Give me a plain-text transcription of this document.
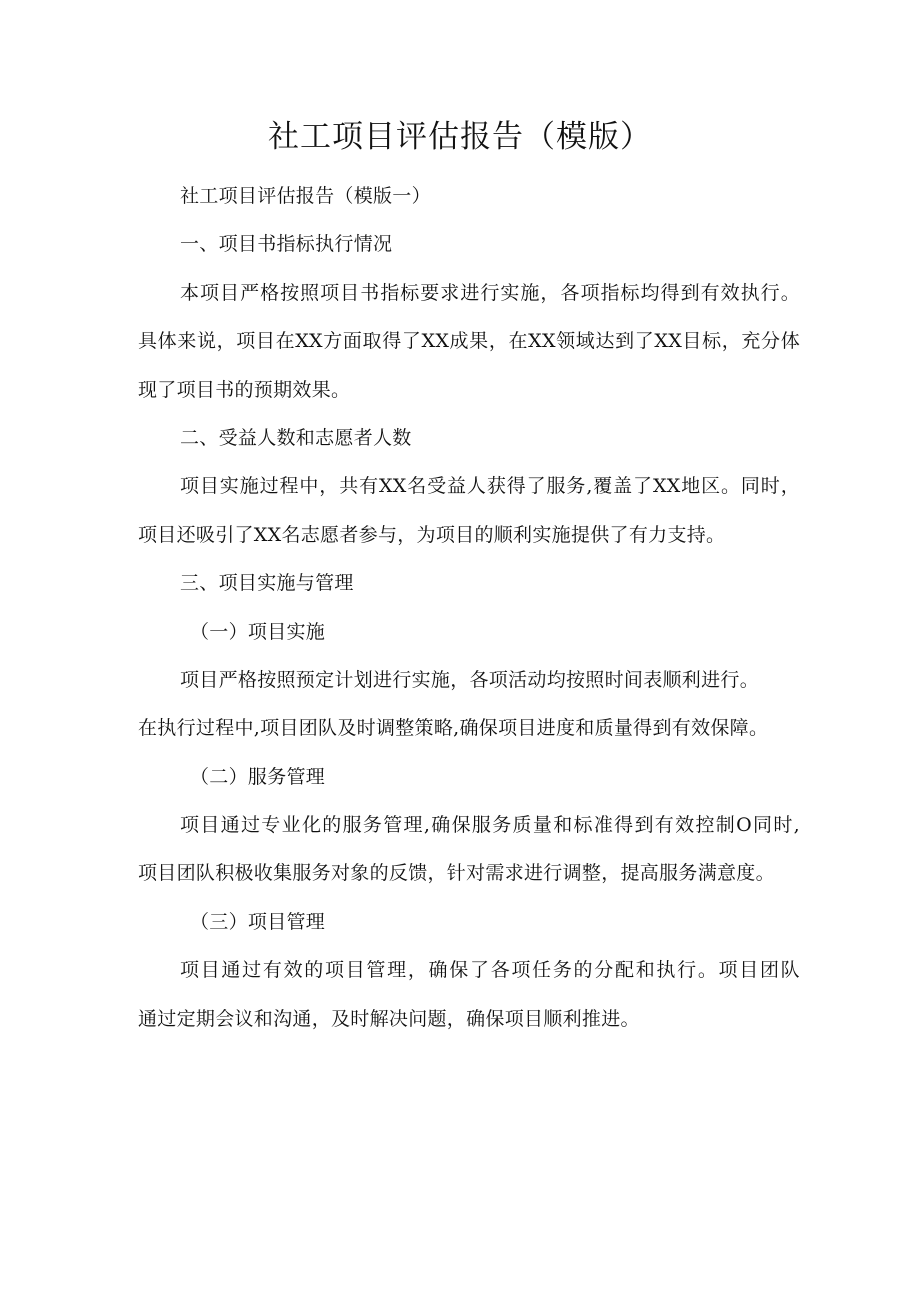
社工项目评估报告（模版）
社工项目评估报告（模版一）
一、项目书指标执行情况
本项目严格按照项目书指标要求进行实施，各项指标均得到有效执行。
具体来说，项目在XX方面取得了XX成果，在XX领域达到了XX目标，充分体
现了项目书的预期效果。
二、受益人数和志愿者人数
项目实施过程中，共有XX名受益人获得了服务,覆盖了XX地区。同时，
项目还吸引了XX名志愿者参与，为项目的顺利实施提供了有力支持。
三、项目实施与管理
（一）项目实施
项目严格按照预定计划进行实施，各项活动均按照时间表顺利进行。
在执行过程中,项目团队及时调整策略,确保项目进度和质量得到有效保障。
（二）服务管理
项目通过专业化的服务管理,确保服务质量和标准得到有效控制O同时,
项目团队积极收集服务对象的反馈，针对需求进行调整，提高服务满意度。
（三）项目管理
项目通过有效的项目管理，确保了各项任务的分配和执行。项目团队
通过定期会议和沟通，及时解决问题，确保项目顺利推进。
